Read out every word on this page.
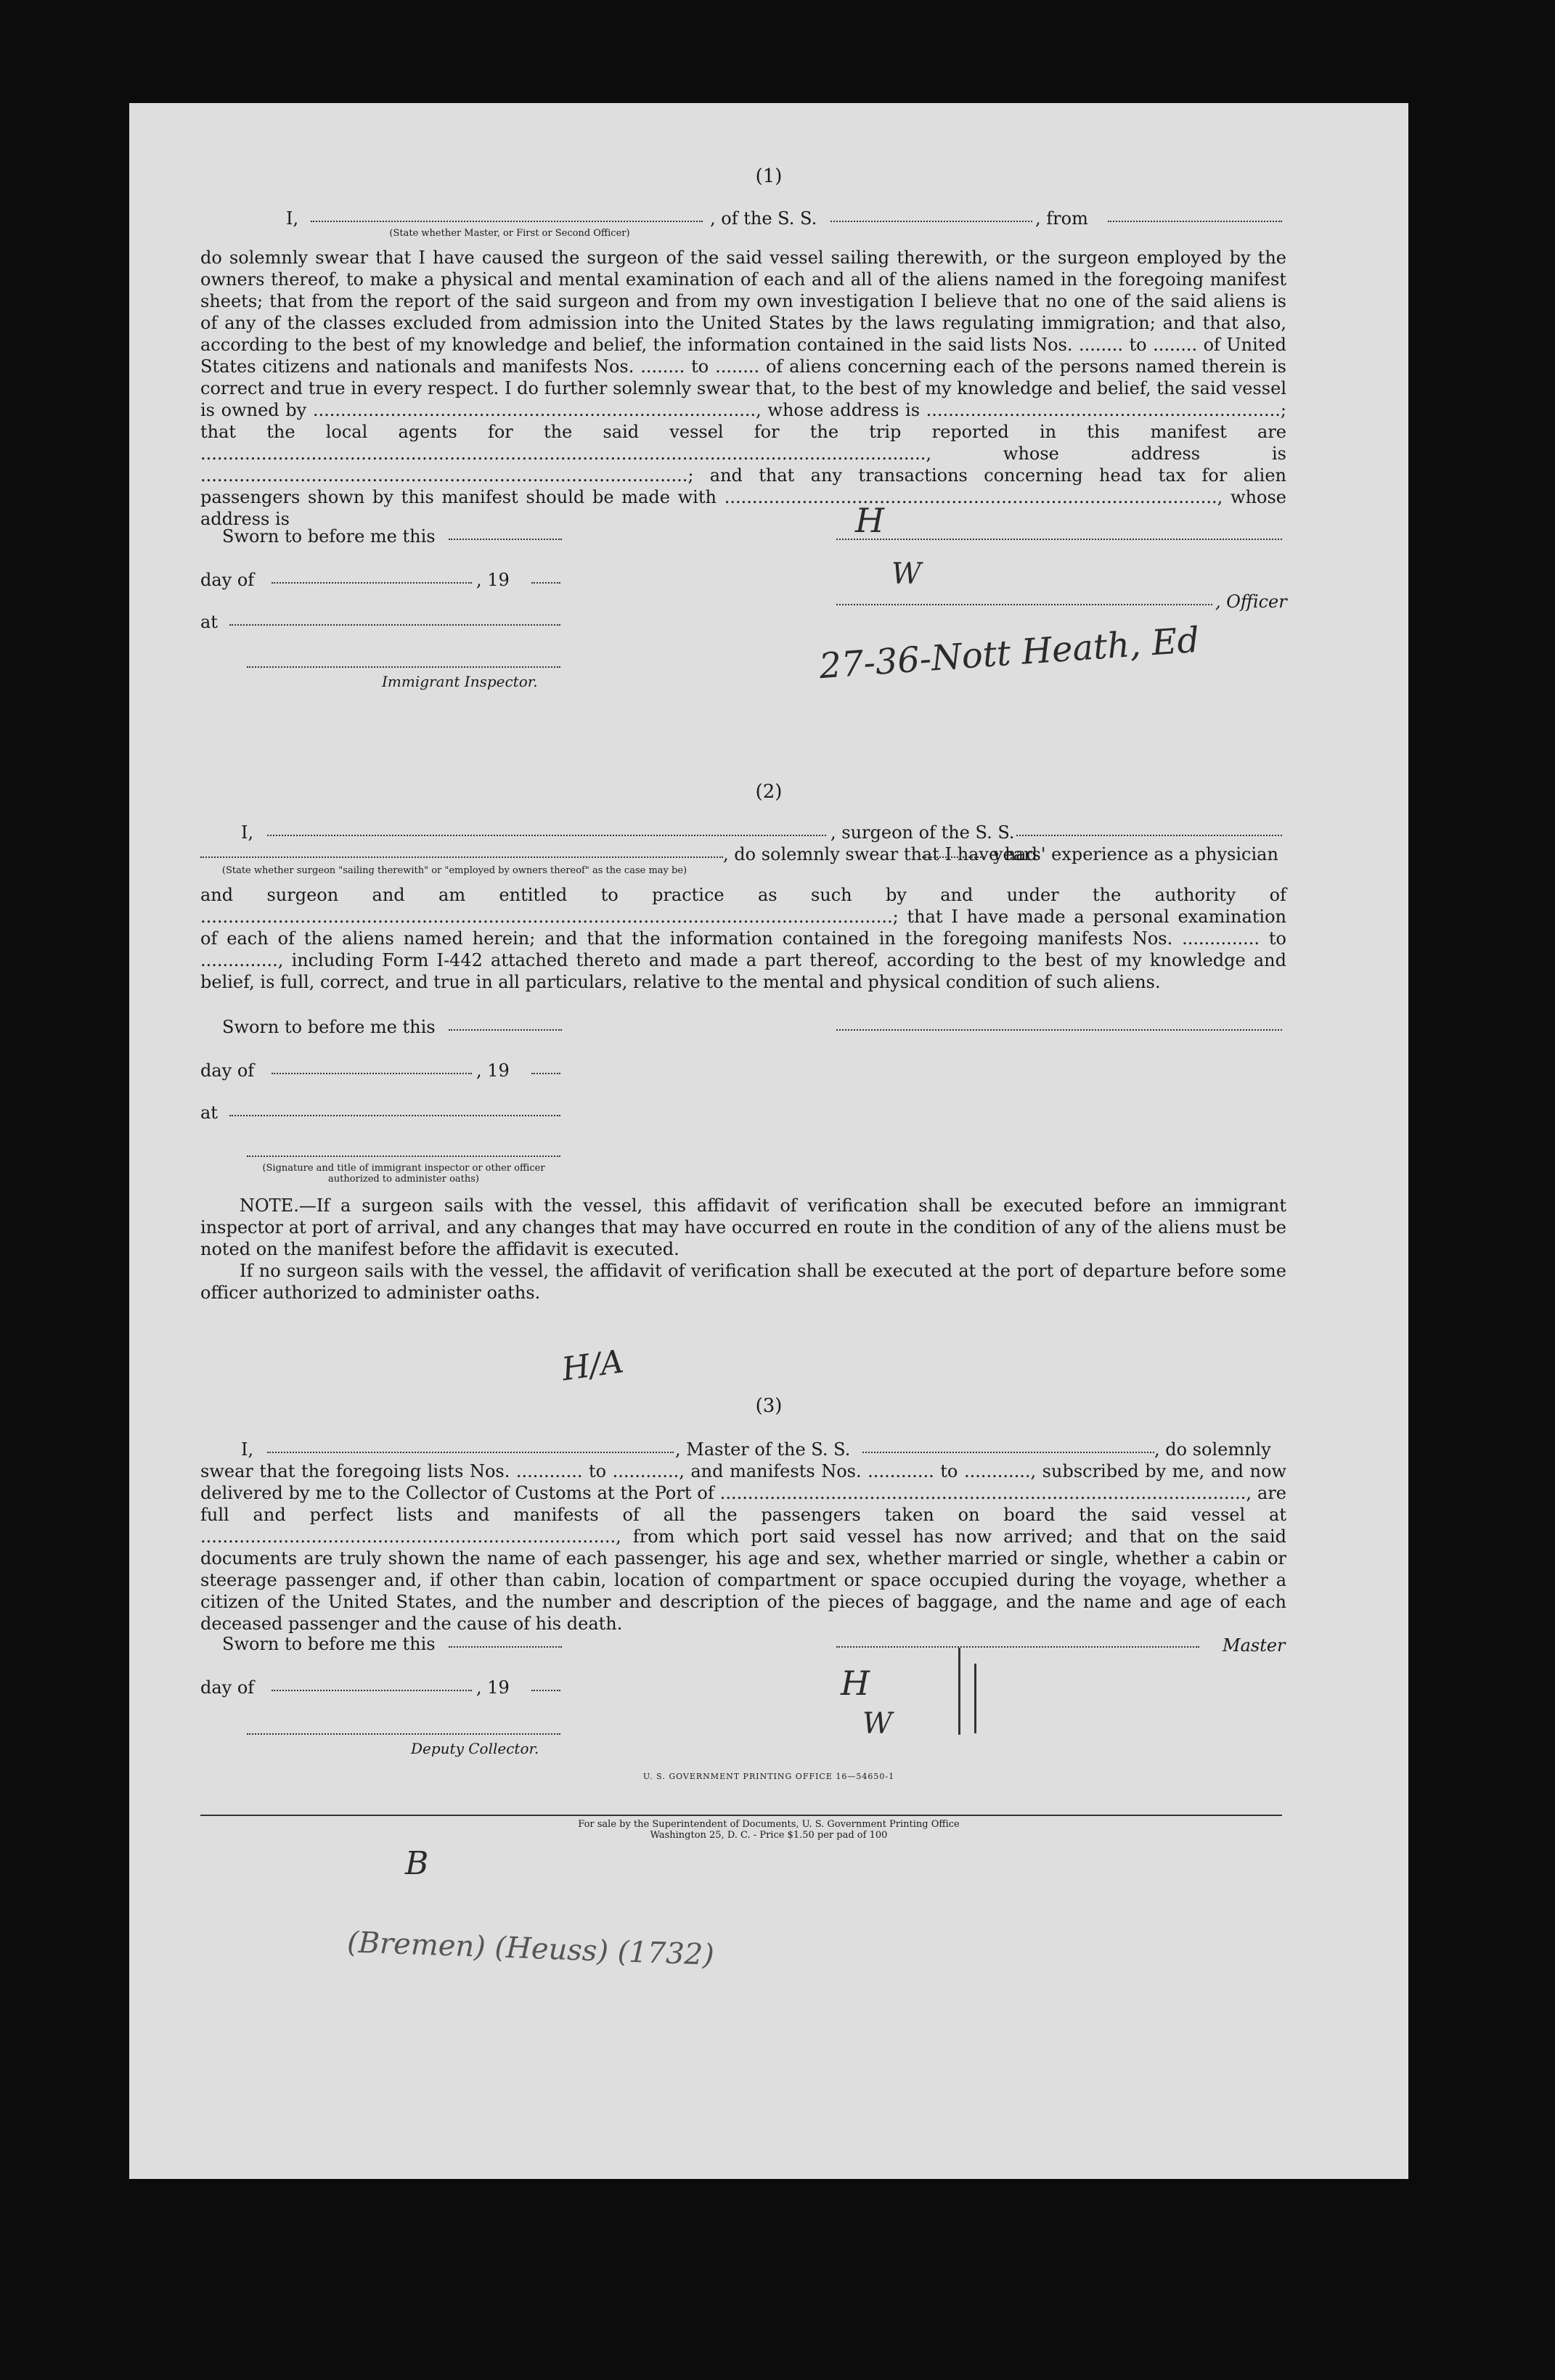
(1)
I,	, of the S. S.	, from
(State whether Master, or First or Second Officer)
do solemnly swear that I have caused the surgeon of the said vessel sailing therewith, or the surgeon employed by the owners thereof, to make a physical and mental examination of each and all of the aliens named in the foregoing manifest sheets; that from the report of the said surgeon and from my own investigation I believe that no one of the said aliens is of any of the classes excluded from admission into the United States by the laws regulating immigration; and that also, according to the best of my knowledge and belief, the information contained in the said lists Nos. ........ to ........ of United States citizens and nationals and manifests Nos. ........ to ........ of aliens concerning each of the persons named therein is correct and true in every respect. I do further solemnly swear that, to the best of my knowledge and belief, the said vessel is owned by ................................................................................, whose address is ................................................................; that the local agents for the said vessel for the trip reported in this manifest are ..................................................................................................................................., whose address is ........................................................................................; and that any transactions concerning head tax for alien passengers shown by this manifest should be made with ........................................................................................., whose address is
Sworn to before me this
day of	, 19
at
Immigrant Inspector.
, Officer
H
W
27-36-Nott Heath, Ed
(2)
I,	, surgeon of the S. S.
, do solemnly swear that I have had
years' experience as a physician
(State whether surgeon "sailing therewith" or "employed by owners thereof" as the case may be)
and surgeon and am entitled to practice as such by and under the authority of .............................................................................................................................; that I have made a personal examination of each of the aliens named herein; and that the information contained in the foregoing manifests Nos. .............. to .............., including Form I-442 attached thereto and made a part thereof, according to the best of my knowledge and belief, is full, correct, and true in all particulars, relative to the mental and physical condition of such aliens.
Sworn to before me this
day of	, 19
at
(Signature and title of immigrant inspector or other officer authorized to administer oaths)
NOTE.—If a surgeon sails with the vessel, this affidavit of verification shall be executed before an immigrant inspector at port of arrival, and any changes that may have occurred en route in the condition of any of the aliens must be noted on the manifest before the affidavit is executed.
If no surgeon sails with the vessel, the affidavit of verification shall be executed at the port of departure before some officer authorized to administer oaths.
H/A
(3)
I,	, Master of the S. S.	, do solemnly
swear that the foregoing lists Nos. ............ to ............, and manifests Nos. ............ to ............, subscribed by me, and now delivered by me to the Collector of Customs at the Port of ..............................................................................................., are full and perfect lists and manifests of all the passengers taken on board the said vessel at ..........................................................................., from which port said vessel has now arrived; and that on the said documents are truly shown the name of each passenger, his age and sex, whether married or single, whether a cabin or steerage passenger and, if other than cabin, location of compartment or space occupied during the voyage, whether a citizen of the United States, and the number and description of the pieces of baggage, and the name and age of each deceased passenger and the cause of his death.
Sworn to before me this	Master
day of	, 19
Deputy Collector.
H
W
U. S. GOVERNMENT PRINTING OFFICE 16—54650-1
For sale by the Superintendent of Documents, U. S. Government Printing Office
Washington 25, D. C. - Price $1.50 per pad of 100
B
(Bremen) (Heuss) (1732)
